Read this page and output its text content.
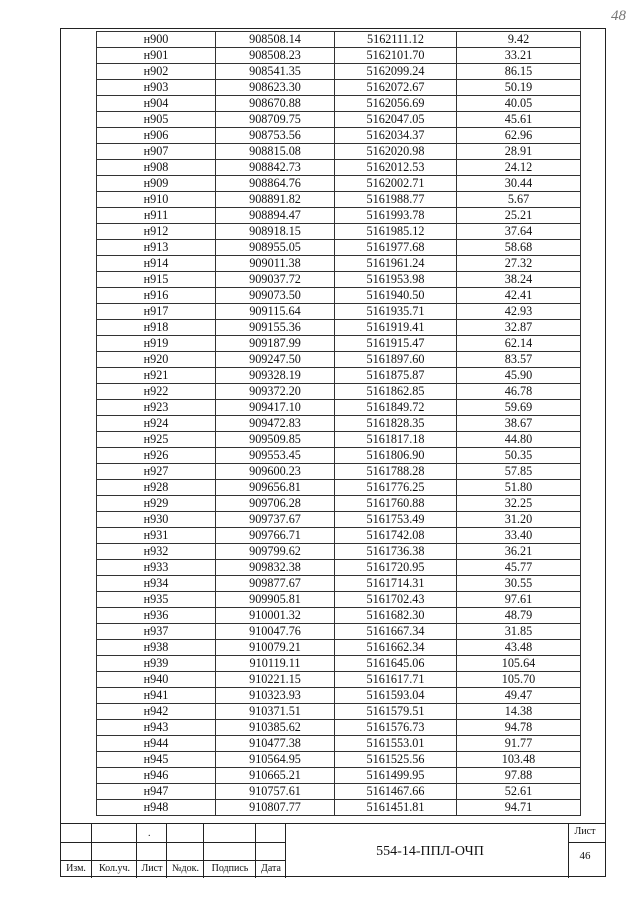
48
н900	908508.14	5162111.12	9.42
н901	908508.23	5162101.70	33.21
н902	908541.35	5162099.24	86.15
н903	908623.30	5162072.67	50.19
н904	908670.88	5162056.69	40.05
н905	908709.75	5162047.05	45.61
н906	908753.56	5162034.37	62.96
н907	908815.08	5162020.98	28.91
н908	908842.73	5162012.53	24.12
н909	908864.76	5162002.71	30.44
н910	908891.82	5161988.77	5.67
н911	908894.47	5161993.78	25.21
н912	908918.15	5161985.12	37.64
н913	908955.05	5161977.68	58.68
н914	909011.38	5161961.24	27.32
н915	909037.72	5161953.98	38.24
н916	909073.50	5161940.50	42.41
н917	909115.64	5161935.71	42.93
н918	909155.36	5161919.41	32.87
н919	909187.99	5161915.47	62.14
н920	909247.50	5161897.60	83.57
н921	909328.19	5161875.87	45.90
н922	909372.20	5161862.85	46.78
н923	909417.10	5161849.72	59.69
н924	909472.83	5161828.35	38.67
н925	909509.85	5161817.18	44.80
н926	909553.45	5161806.90	50.35
н927	909600.23	5161788.28	57.85
н928	909656.81	5161776.25	51.80
н929	909706.28	5161760.88	32.25
н930	909737.67	5161753.49	31.20
н931	909766.71	5161742.08	33.40
н932	909799.62	5161736.38	36.21
н933	909832.38	5161720.95	45.77
н934	909877.67	5161714.31	30.55
н935	909905.81	5161702.43	97.61
н936	910001.32	5161682.30	48.79
н937	910047.76	5161667.34	31.85
н938	910079.21	5161662.34	43.48
н939	910119.11	5161645.06	105.64
н940	910221.15	5161617.71	105.70
н941	910323.93	5161593.04	49.47
н942	910371.51	5161579.51	14.38
н943	910385.62	5161576.73	94.78
н944	910477.38	5161553.01	91.77
н945	910564.95	5161525.56	103.48
н946	910665.21	5161499.95	97.88
н947	910757.61	5161467.66	52.61
н948	910807.77	5161451.81	94.71
.
Изм.	Кол.уч.	Лист №док.	Подпись	Дата
554-14-ППЛ-ОЧП
Лист
46
